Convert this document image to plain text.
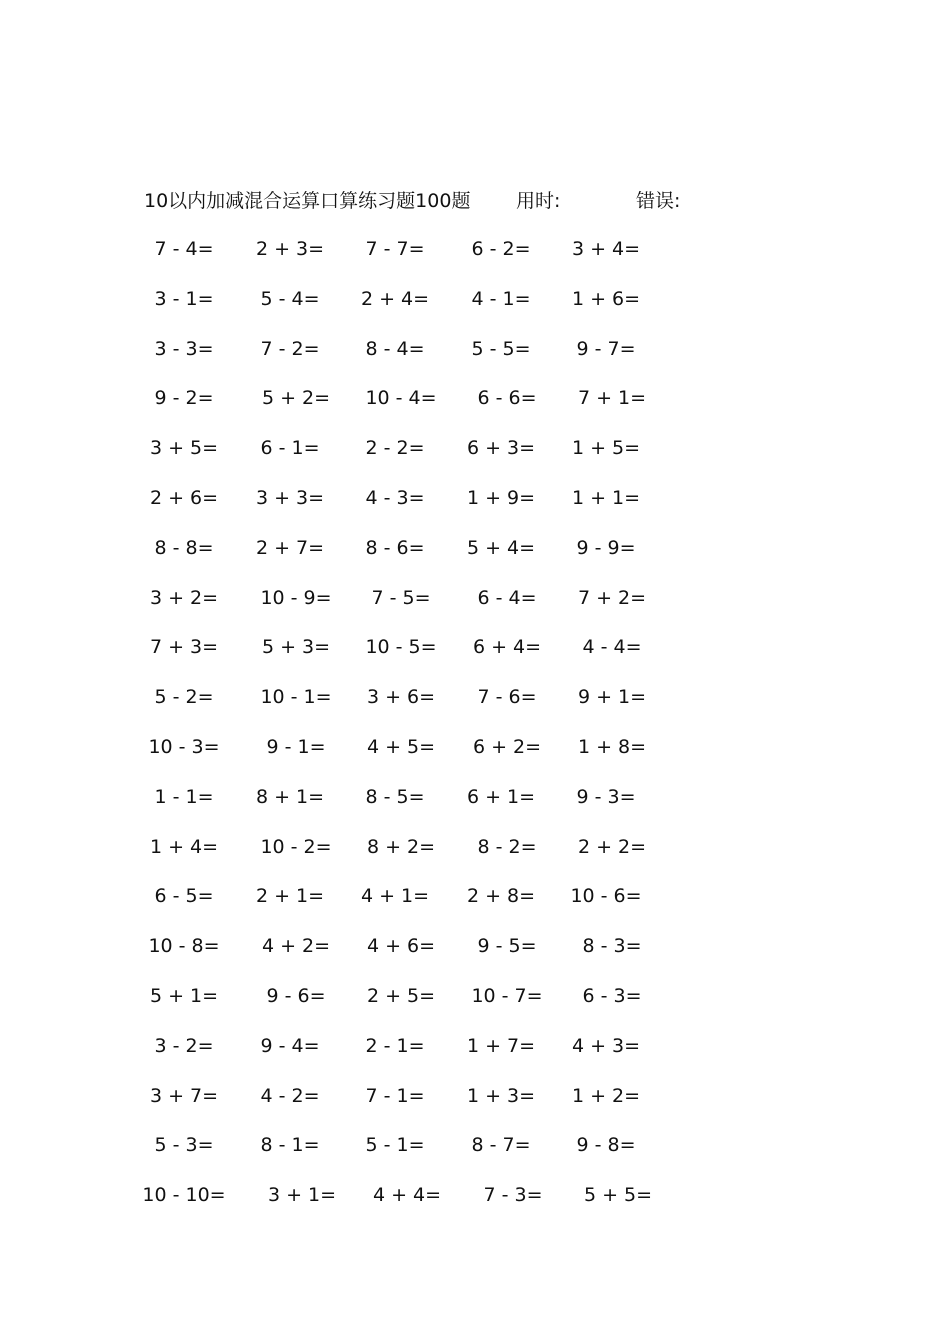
10以内加减混合运算口算练习题100题 用时:	错误:
7 - 4=	2 + 3=	7 - 7=	6 - 2=	3 + 4=
3 - 1=	5 - 4=	2 + 4=	4 - 1=	1 + 6=
3 - 3=	7 - 2=	8 - 4=	5 - 5=	9 - 7=
9 - 2=	5 + 2=	10 - 4=	6 - 6=	7 + 1=
3 + 5=	6 - 1=	2 - 2=	6 + 3=	1 + 5=
2 + 6=	3 + 3=	4 - 3=	1 + 9=	1 + 1=
8 - 8=	2 + 7=	8 - 6=	5 + 4=	9 - 9=
3 + 2=	10 - 9=	7 - 5=	6 - 4=	7 + 2=
7 + 3=	5 + 3=	10 - 5=	6 + 4=	4 - 4=
5 - 2=	10 - 1=	3 + 6=	7 - 6=	9 + 1=
10 - 3=	9 - 1=	4 + 5=	6 + 2=	1 + 8=
1 - 1=	8 + 1=	8 - 5=	6 + 1=	9 - 3=
1 + 4=	10 - 2=	8 + 2=	8 - 2=	2 + 2=
6 - 5=	2 + 1=	4 + 1=	2 + 8=	10 - 6=
10 - 8=	4 + 2=	4 + 6=	9 - 5=	8 - 3=
5 + 1=	9 - 6=	2 + 5=	10 - 7=	6 - 3=
3 - 2=	9 - 4=	2 - 1=	1 + 7=	4 + 3=
3 + 7=	4 - 2=	7 - 1=	1 + 3=	1 + 2=
5 - 3=	8 - 1=	5 - 1=	8 - 7=	9 - 8=
10 - 10=	3 + 1=	4 + 4=	7 - 3=	5 + 5=
